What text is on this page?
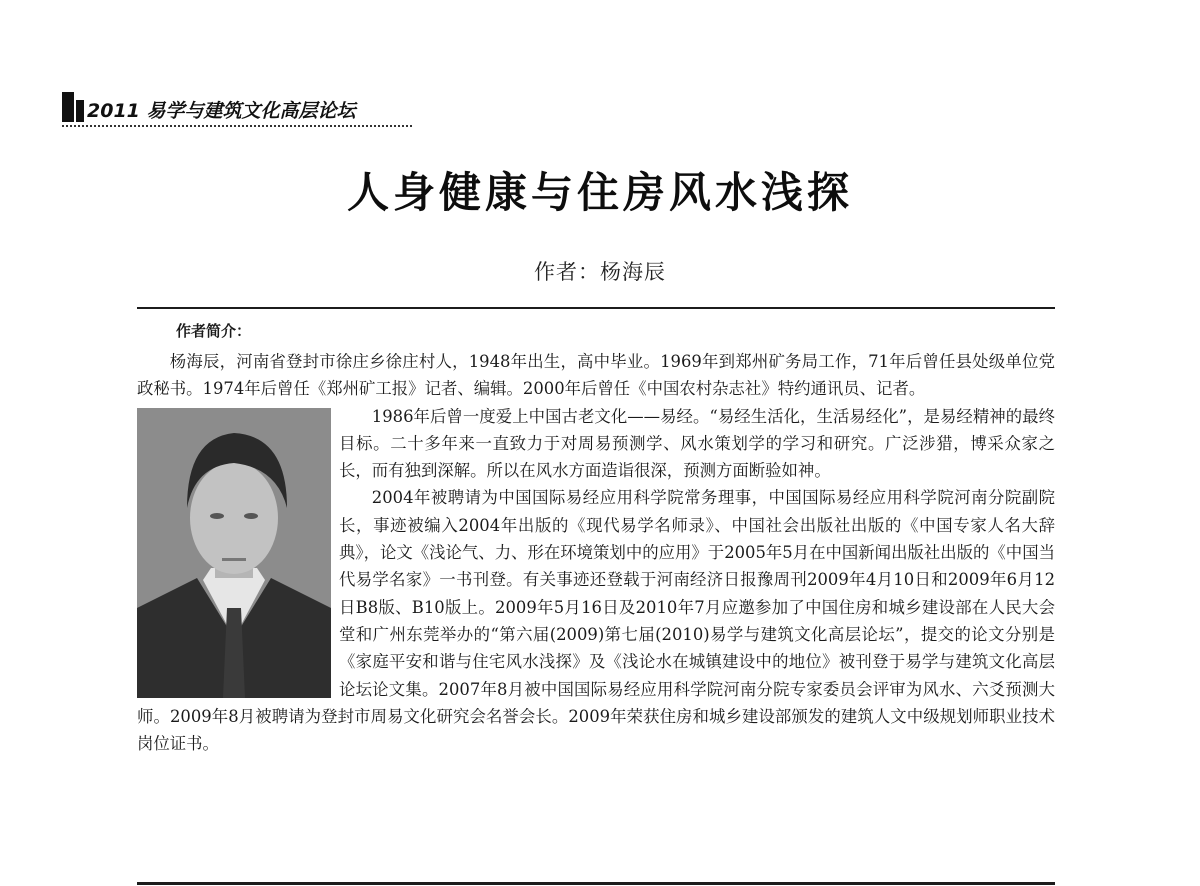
2011 易学与建筑文化高层论坛
人身健康与住房风水浅探
作者：杨海辰
作者简介：

杨海辰，河南省登封市徐庄乡徐庄村人，1948年出生，高中毕业。1969年到郑州矿务局工作，71年后曾任县处级单位党政秘书。1974年后曾任《郑州矿工报》记者、编辑。2000年后曾任《中国农村杂志社》特约通讯员、记者。

1986年后曾一度爱上中国古老文化——易经。“易经生活化，生活易经化”，是易经精神的最终目标。二十多年来一直致力于对周易预测学、风水策划学的学习和研究。广泛涉猎，博采众家之长，而有独到深解。所以在风水方面造诣很深，预测方面断验如神。

2004年被聘请为中国国际易经应用科学院常务理事，中国国际易经应用科学院河南分院副院长，事迹被编入2004年出版的《现代易学名师录》、中国社会出版社出版的《中国专家人名大辞典》，论文《浅论气、力、形在环境策划中的应用》于2005年5月在中国新闻出版社出版的《中国当代易学名家》一书刊登。有关事迹还登载于河南经济日报豫周刊2009年4月10日和2009年6月12日B8版、B10版上。2009年5月16日及2010年7月应邀参加了中国住房和城乡建设部在人民大会堂和广州东莞举办的“第六届(2009)第七届(2010)易学与建筑文化高层论坛”，提交的论文分别是《家庭平安和谐与住宅风水浅探》及《浅论水在城镇建设中的地位》被刊登于易学与建筑文化高层论坛论文集。2007年8月被中国国际易经应用科学院河南分院专家委员会评审为风水、六爻预测大师。2009年8月被聘请为登封市周易文化研究会名誉会长。2009年荣获住房和城乡建设部颁发的建筑人文中级规划师职业技术岗位证书。
